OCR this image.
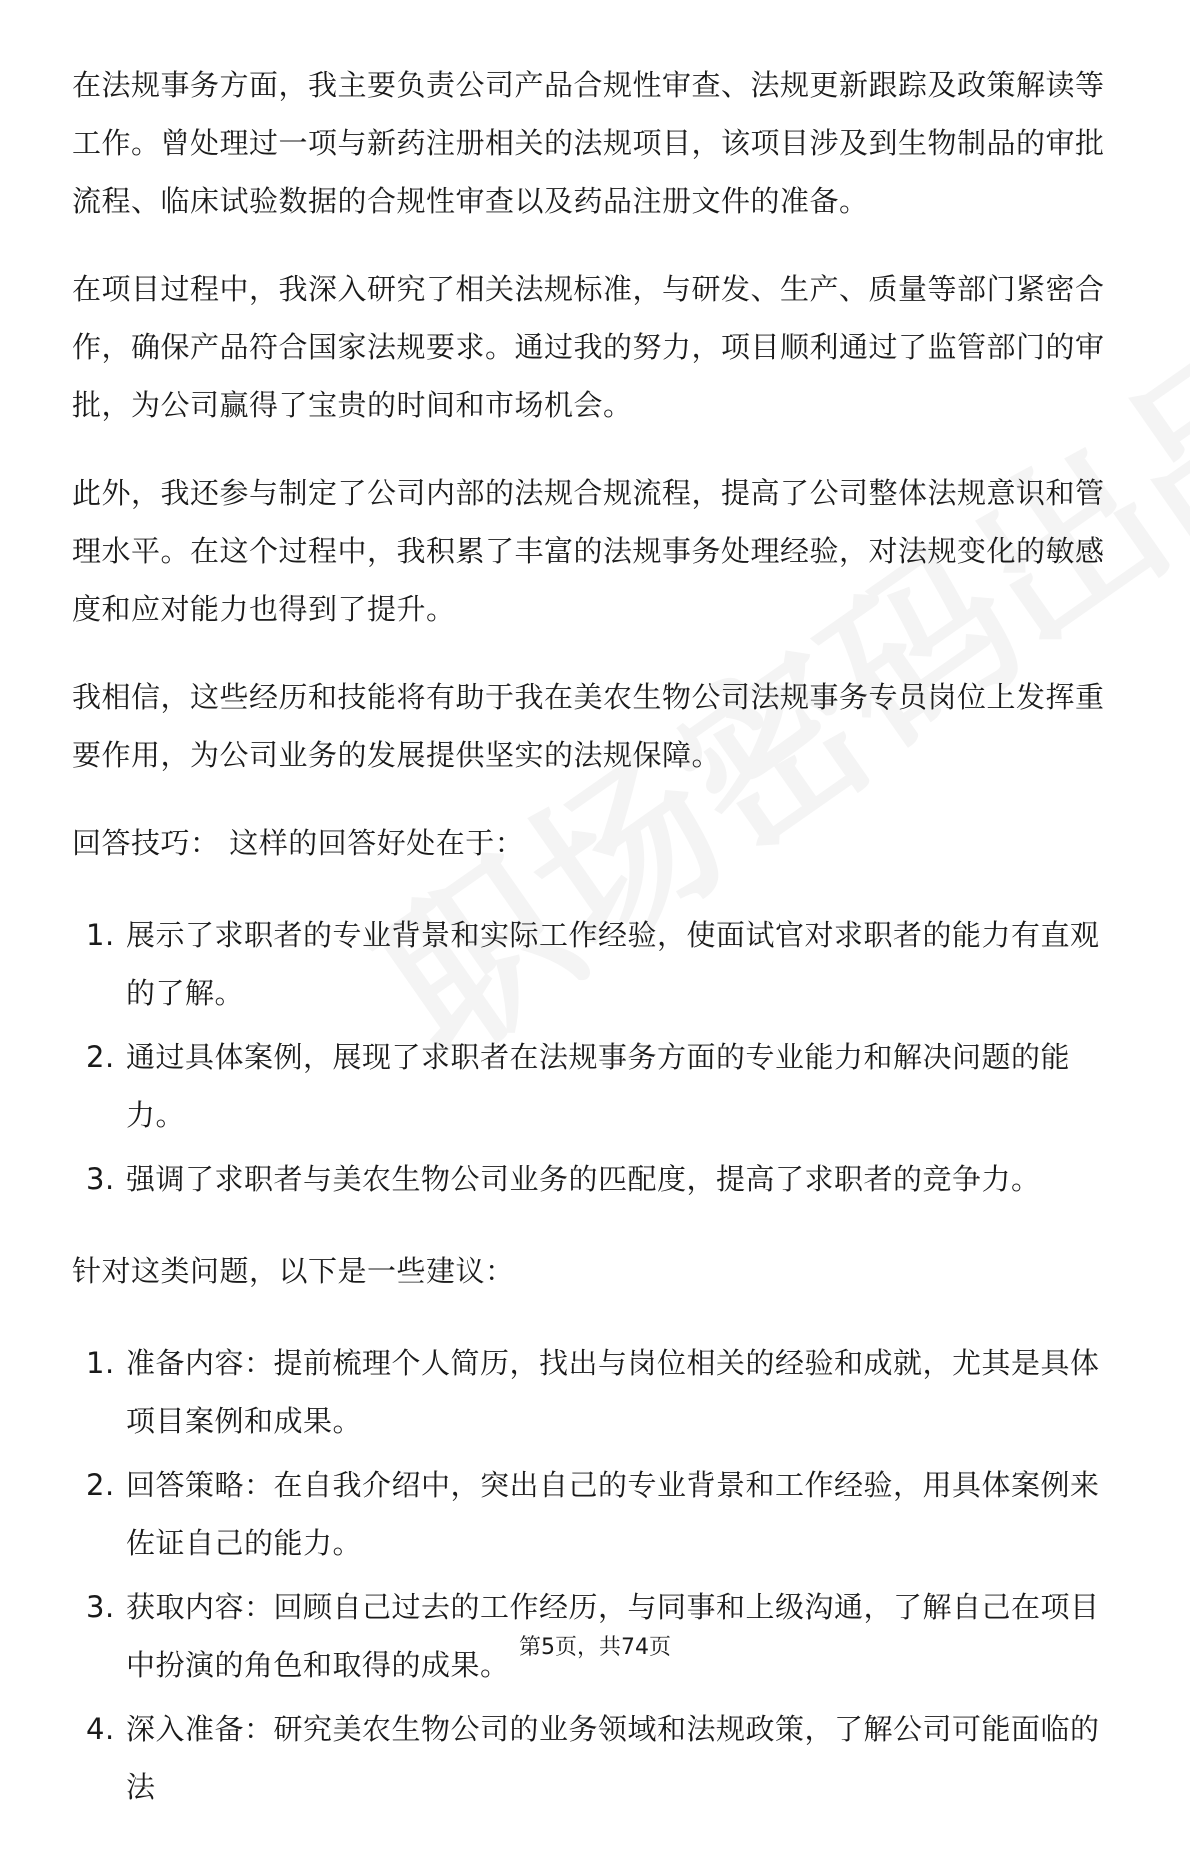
在法规事务方面，我主要负责公司产品合规性审查、法规更新跟踪及政策解读等工作。曾处理过一项与新药注册相关的法规项目，该项目涉及到生物制品的审批流程、临床试验数据的合规性审查以及药品注册文件的准备。

在项目过程中，我深入研究了相关法规标准，与研发、生产、质量等部门紧密合作，确保产品符合国家法规要求。通过我的努力，项目顺利通过了监管部门的审批，为公司赢得了宝贵的时间和市场机会。

此外，我还参与制定了公司内部的法规合规流程，提高了公司整体法规意识和管理水平。在这个过程中，我积累了丰富的法规事务处理经验，对法规变化的敏感度和应对能力也得到了提升。

我相信，这些经历和技能将有助于我在美农生物公司法规事务专员岗位上发挥重要作用，为公司业务的发展提供坚实的法规保障。

回答技巧： 这样的回答好处在于：

1. 展示了求职者的专业背景和实际工作经验，使面试官对求职者的能力有直观的了解。
2. 通过具体案例，展现了求职者在法规事务方面的专业能力和解决问题的能力。
3. 强调了求职者与美农生物公司业务的匹配度，提高了求职者的竞争力。

针对这类问题，以下是一些建议：

1. 准备内容：提前梳理个人简历，找出与岗位相关的经验和成就，尤其是具体项目案例和成果。
2. 回答策略：在自我介绍中，突出自己的专业背景和工作经验，用具体案例来佐证自己的能力。
3. 获取内容：回顾自己过去的工作经历，与同事和上级沟通，了解自己在项目中扮演的角色和取得的成果。
4. 深入准备：研究美农生物公司的业务领域和法规政策，了解公司可能面临的法
第5页，共74页
